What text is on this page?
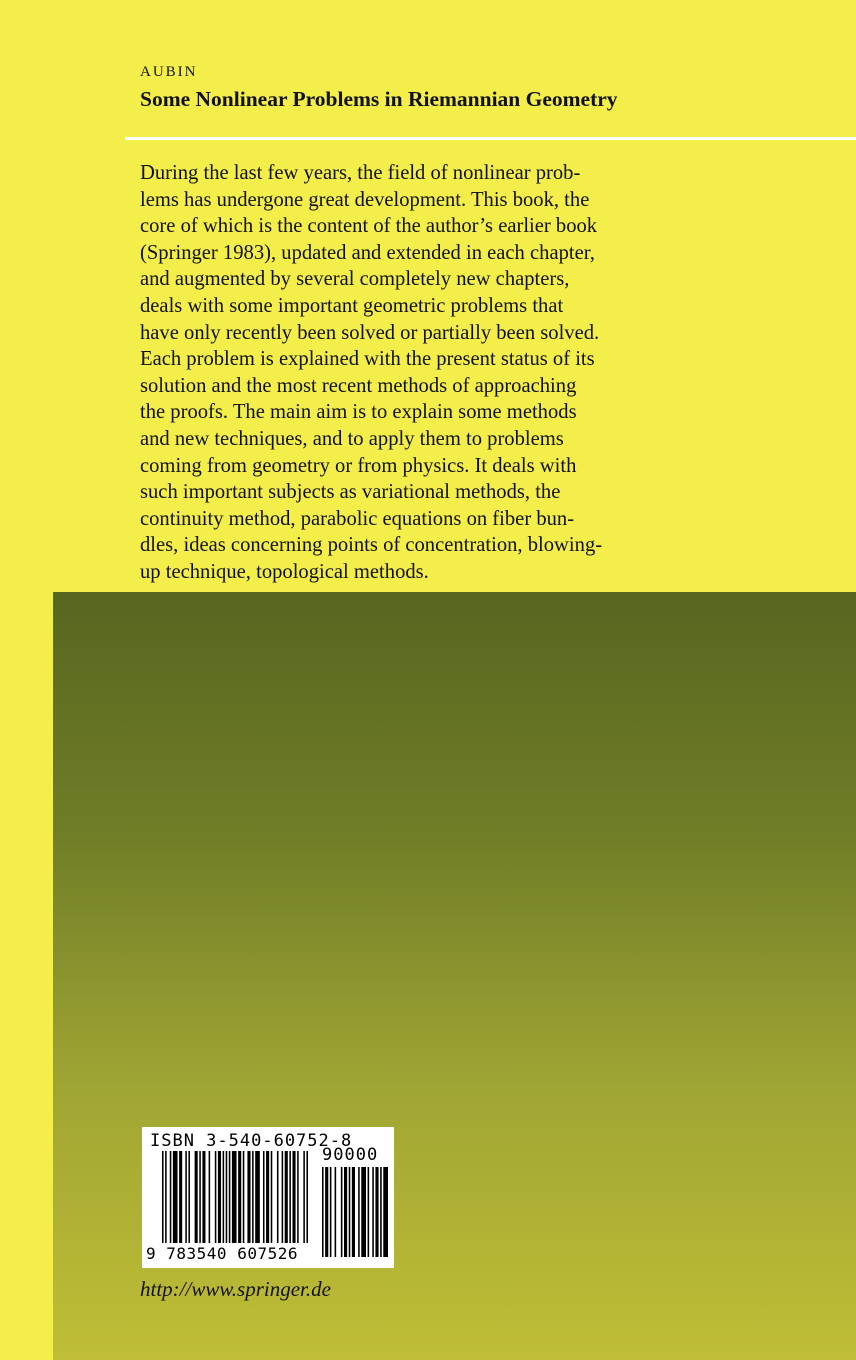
AUBIN

Some Nonlinear Problems in Riemannian Geometry

During the last few years, the field of nonlinear prob-
lems has undergone great development. This book, the
core of which is the content of the author’s earlier book
(Springer 1983), updated and extended in each chapter,
and augmented by several completely new chapters,
deals with some important geometric problems that
have only recently been solved or partially been solved.
Each problem is explained with the present status of its
solution and the most recent methods of approaching
the proofs. The main aim is to explain some methods
and new techniques, and to apply them to problems
coming from geometry or from physics. It deals with
such important subjects as variational methods, the
continuity method, parabolic equations on fiber bun-
dles, ideas concerning points of concentration, blowing-
up technique, topological methods.
ISBN 3-540-60752-8
90000
9 783540 607526
http://www.springer.de
